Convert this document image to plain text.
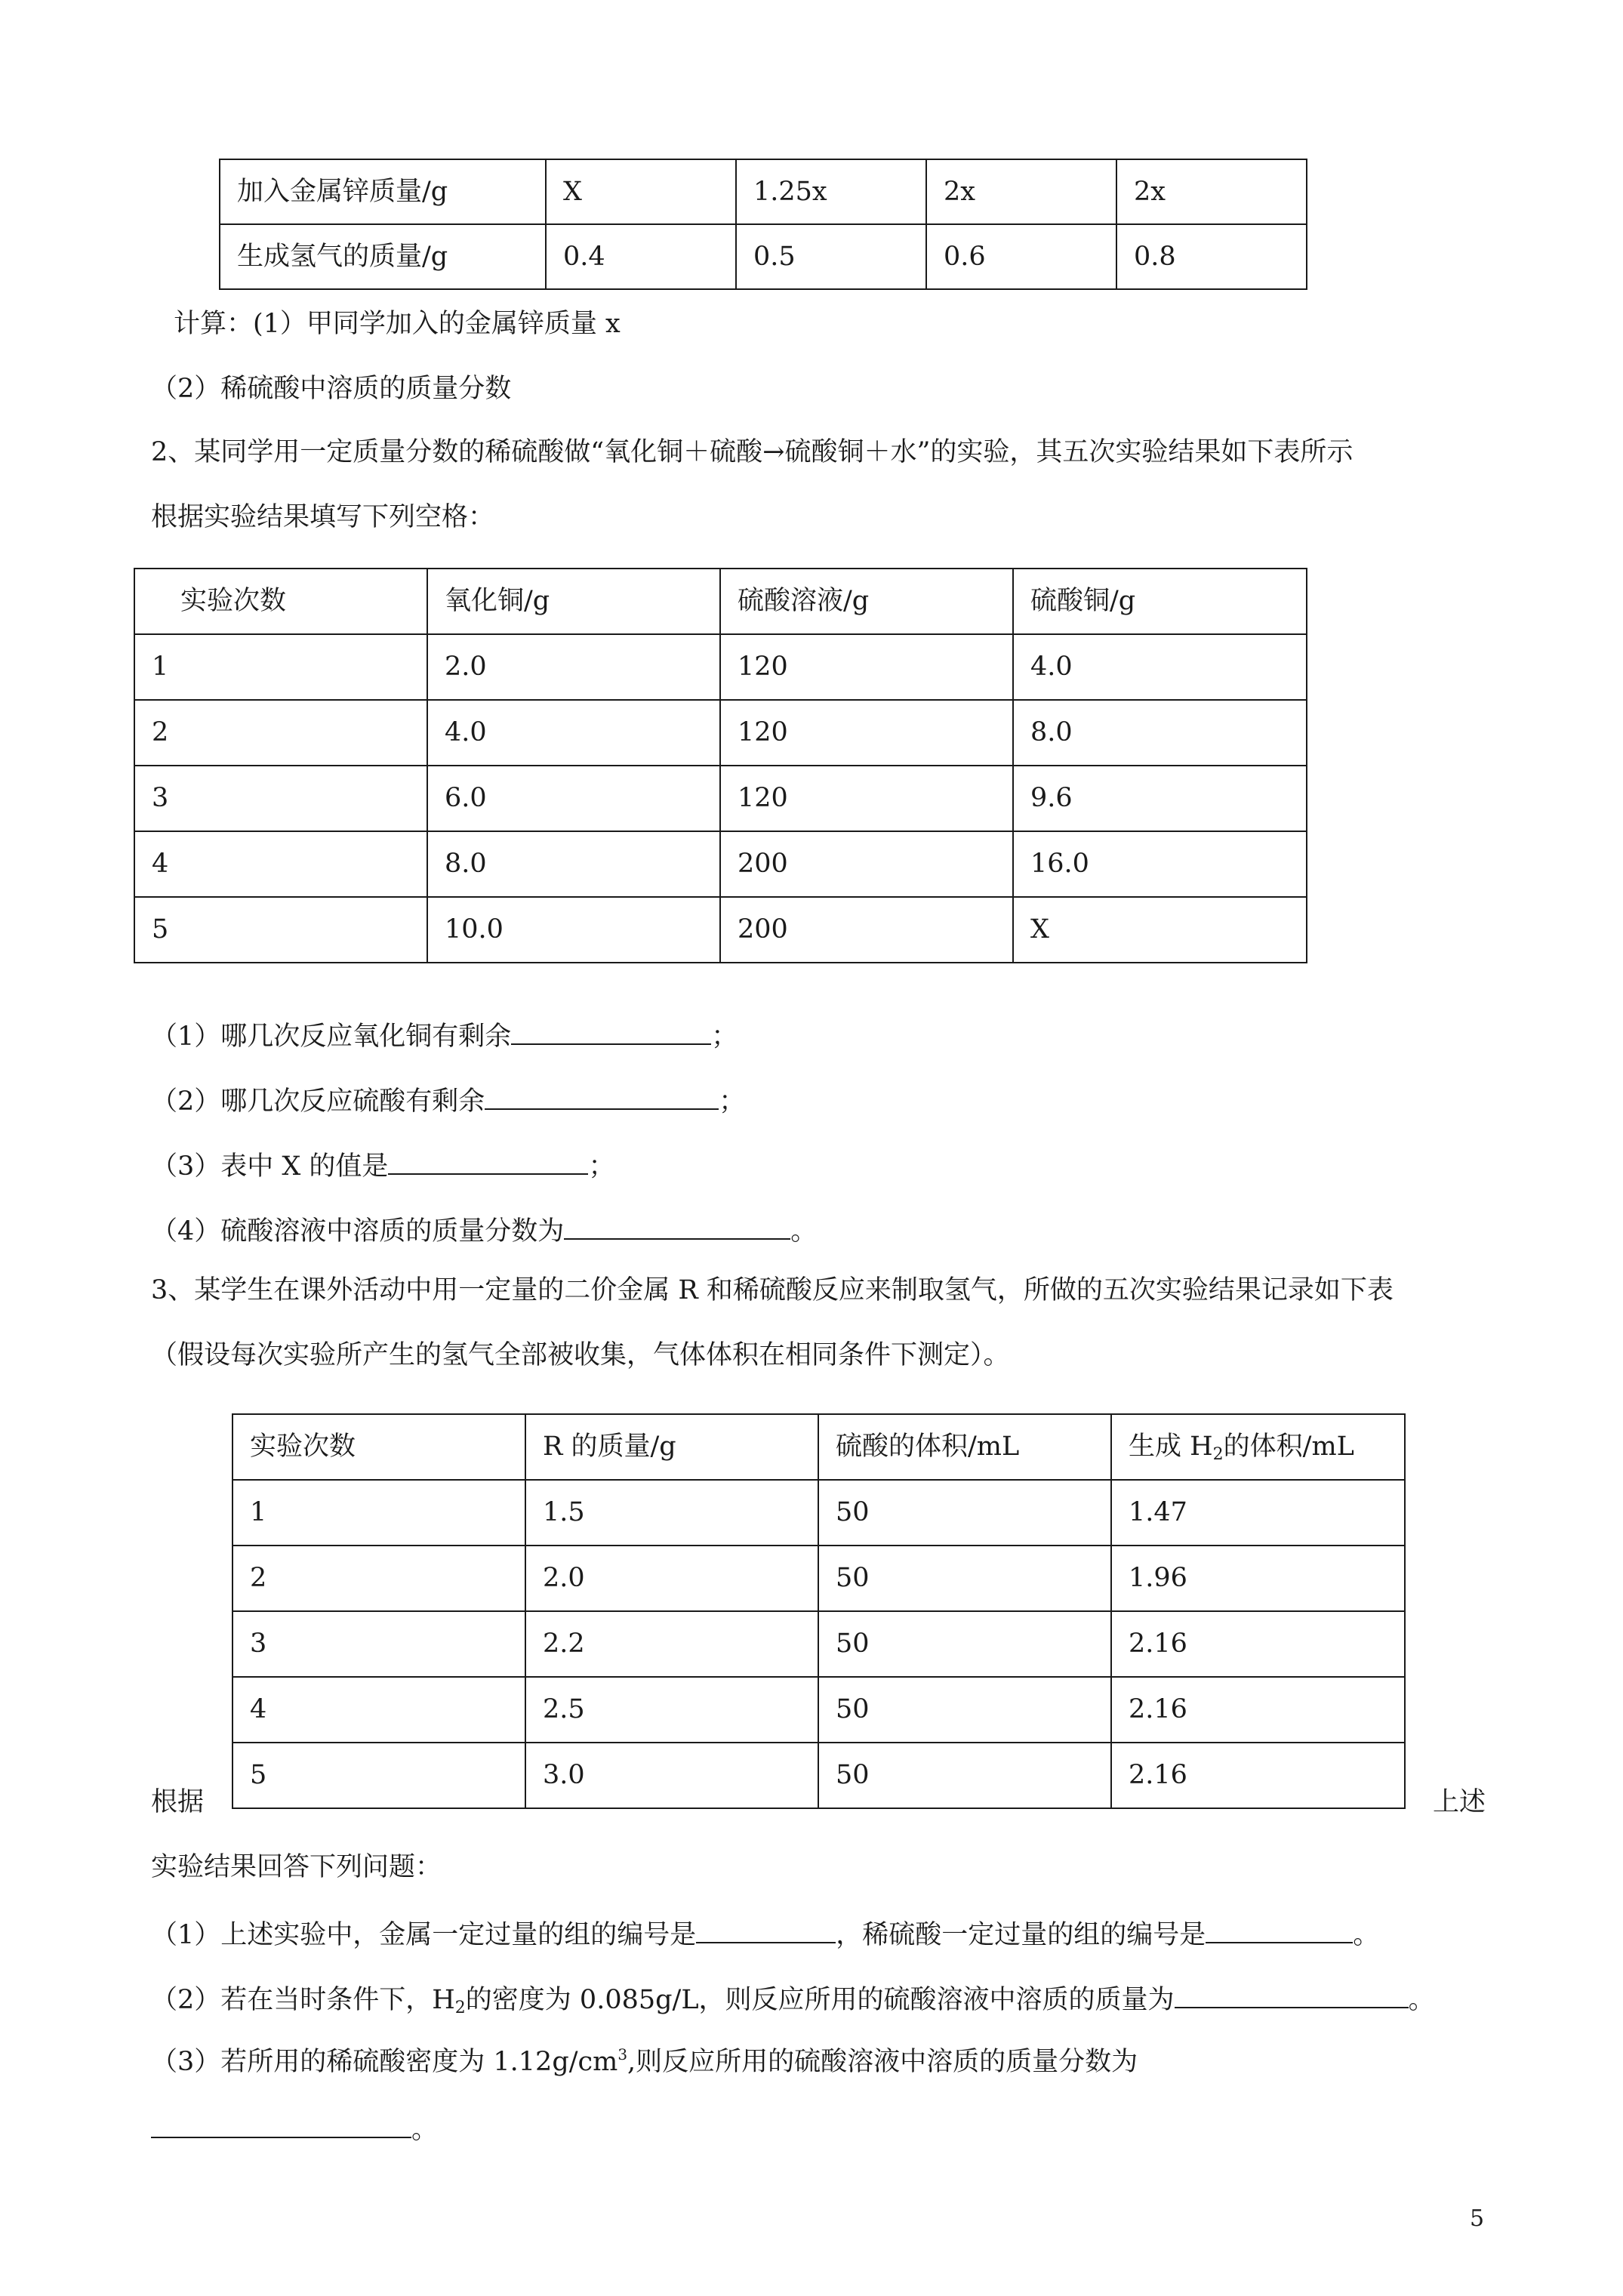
加入金属锌质量/g	X	1.25x	2x	2x
生成氢气的质量/g	0.4	0.5	0.6	0.8
计算：(1）甲同学加入的金属锌质量 x
（2）稀硫酸中溶质的质量分数
2、某同学用一定质量分数的稀硫酸做“氧化铜＋硫酸→硫酸铜＋水”的实验，其五次实验结果如下表所示
根据实验结果填写下列空格：
实验次数	氧化铜/g	硫酸溶液/g	硫酸铜/g
1	2.0	120	4.0
2	4.0	120	8.0
3	6.0	120	9.6
4	8.0	200	16.0
5	10.0	200	X
（1）哪几次反应氧化铜有剩余	；
（2）哪几次反应硫酸有剩余	；
（3）表中 X 的值是	；
（4）硫酸溶液中溶质的质量分数为	。
3、某学生在课外活动中用一定量的二价金属 R 和稀硫酸反应来制取氢气，所做的五次实验结果记录如下表
（假设每次实验所产生的氢气全部被收集，气体体积在相同条件下测定）。
实验次数	R 的质量/g	硫酸的体积/mL	生成 $H_2$的体积/mL
1	1.5	50	1.47
2	2.0	50	1.96
3	2.2	50	2.16
4	2.5	50	2.16
5	3.0	50	2.16
根据	上述
实验结果回答下列问题：
（1）上述实验中，金属一定过量的组的编号是	，稀硫酸一定过量的组的编号是	。
（2）若在当时条件下，$H_2$的密度为 0.085g/L，则反应所用的硫酸溶液中溶质的质量为	。
（3）若所用的稀硫酸密度为 $1.12g/cm^3$,则反应所用的硫酸溶液中溶质的质量分数为
。
5
